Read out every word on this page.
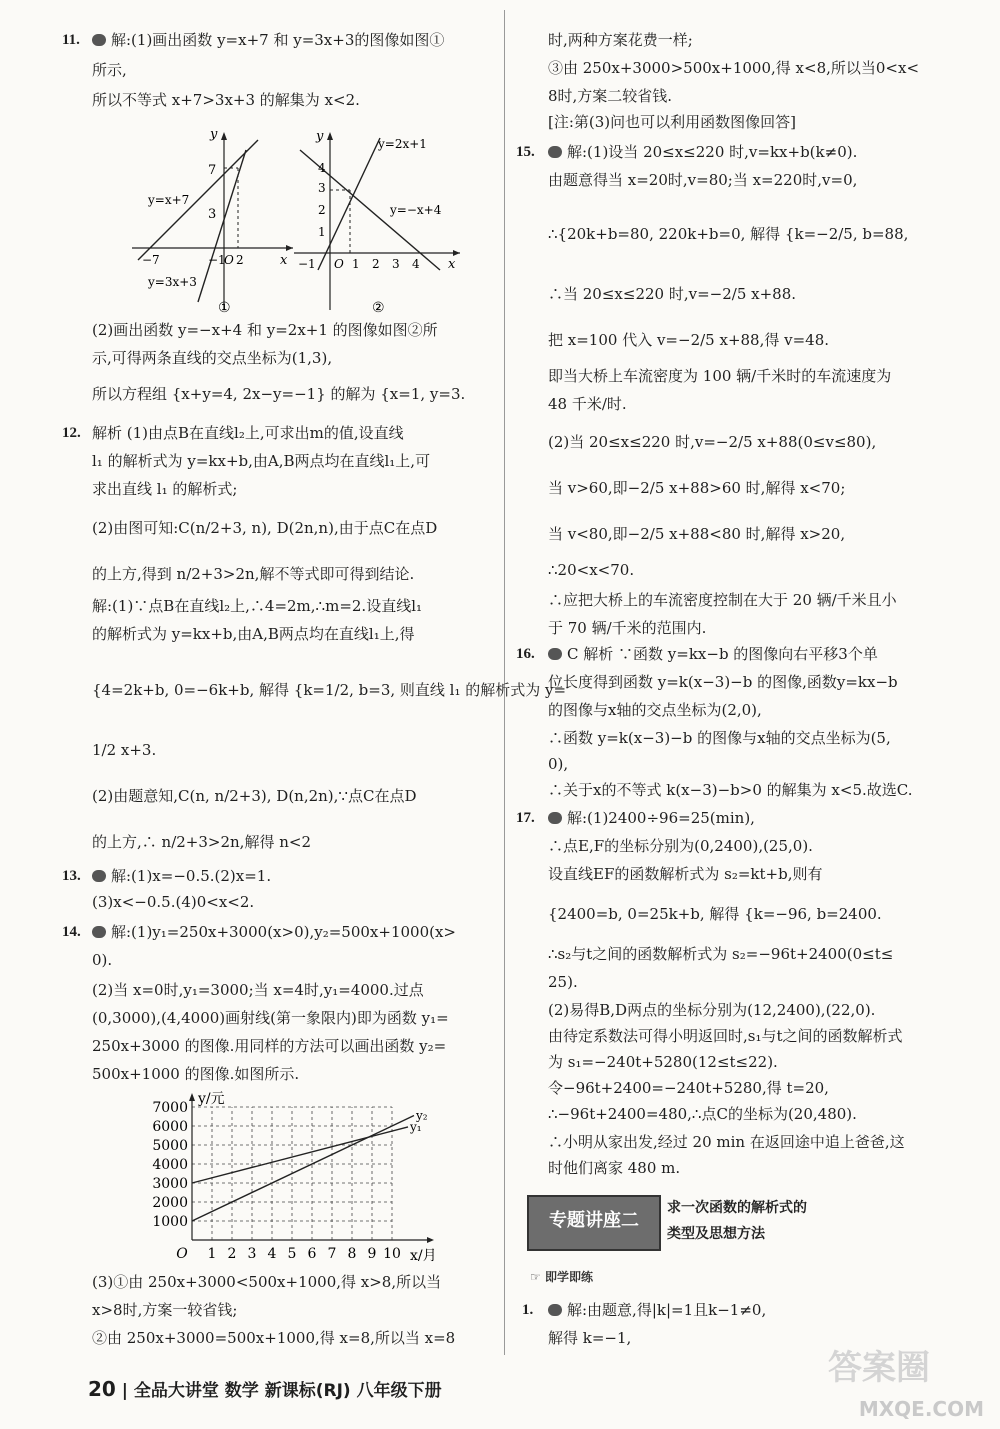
11.	解:(1)画出函数 y=x+7 和 y=3x+3的图像如图①
所示,
所以不等式 x+7>3x+3 的解集为 x<2.
(2)画出函数 y=−x+4 和 y=2x+1 的图像如图②所
示,可得两条直线的交点坐标为(1,3),
所以方程组 {x+y=4, 2x−y=−1} 的解为 {x=1, y=3.
12. 解析 (1)由点B在直线l₂上,可求出m的值,设直线
l₁ 的解析式为 y=kx+b,由A,B两点均在直线l₁上,可
求出直线 l₁ 的解析式;
(2)由图可知:C(n/2+3, n), D(2n,n),由于点C在点D
的上方,得到 n/2+3>2n,解不等式即可得到结论.
解:(1)∵点B在直线l₂上,∴4=2m,∴m=2.设直线l₁
的解析式为 y=kx+b,由A,B两点均在直线l₁上,得
{4=2k+b, 0=−6k+b, 解得 {k=1/2, b=3, 则直线 l₁ 的解析式为 y=
1/2 x+3.
(2)由题意知,C(n, n/2+3), D(n,2n),∵点C在点D
的上方,∴ n/2+3>2n,解得 n<2
13.	解:(1)x=−0.5.(2)x=1.
(3)x<−0.5.(4)0<x<2.
14.	解:(1)y₁=250x+3000(x>0),y₂=500x+1000(x>
0).
(2)当 x=0时,y₁=3000;当 x=4时,y₁=4000.过点
(0,3000),(4,4000)画射线(第一象限内)即为函数 y₁=
250x+3000 的图像.用同样的方法可以画出函数 y₂=
500x+1000 的图像.如图所示.
(3)①由 250x+3000<500x+1000,得 x>8,所以当
x>8时,方案一较省钱;
②由 250x+3000=500x+1000,得 x=8,所以当 x=8
时,两种方案花费一样;
③由 250x+3000>500x+1000,得 x<8,所以当0<x<
8时,方案二较省钱.
[注:第(3)问也可以利用函数图像回答]
15.	解:(1)设当 20≤x≤220 时,v=kx+b(k≠0).
由题意得当 x=20时,v=80;当 x=220时,v=0,
∴{20k+b=80, 220k+b=0, 解得 {k=−2/5, b=88,
∴当 20≤x≤220 时,v=−2/5 x+88.
把 x=100 代入 v=−2/5 x+88,得 v=48.
即当大桥上车流密度为 100 辆/千米时的车流速度为
48 千米/时.
(2)当 20≤x≤220 时,v=−2/5 x+88(0≤v≤80),
当 v>60,即−2/5 x+88>60 时,解得 x<70;
当 v<80,即−2/5 x+88<80 时,解得 x>20,
∴20<x<70.
∴应把大桥上的车流密度控制在大于 20 辆/千米且小
于 70 辆/千米的范围内.
16.	C 解析 ∵函数 y=kx−b 的图像向右平移3个单
位长度得到函数 y=k(x−3)−b 的图像,函数y=kx−b
的图像与x轴的交点坐标为(2,0),
∴函数 y=k(x−3)−b 的图像与x轴的交点坐标为(5,
0),
∴关于x的不等式 k(x−3)−b>0 的解集为 x<5.故选C.
17.	解:(1)2400÷96=25(min),
∴点E,F的坐标分别为(0,2400),(25,0).
设直线EF的函数解析式为 s₂=kt+b,则有
{2400=b, 0=25k+b, 解得 {k=−96, b=2400.
∴s₂与t之间的函数解析式为 s₂=−96t+2400(0≤t≤
25).
(2)易得B,D两点的坐标分别为(12,2400),(22,0).
由待定系数法可得小明返回时,s₁与t之间的函数解析式
为 s₁=−240t+5280(12≤t≤22).
令−96t+2400=−240t+5280,得 t=20,
∴−96t+2400=480,∴点C的坐标为(20,480).
∴小明从家出发,经过 20 min 在返回途中追上爸爸,这
时他们离家 480 m.
1.	解:由题意,得|k|=1且k−1≠0,
解得 k=−1,
y
7
3
y=x+7
−7	−1
O 2	x
y=3x+3
①
y
4
3
2
1
y=2x+1
y=−x+4
−1 O 1 2 3 4 x
②
1000
2000
3000
4000
5000
6000
7000
O 1 2 3 4 5 6 7 8 9 10
y/元
x/月
y₁
y₂
专题讲座二
求一次函数的解析式的
类型及思想方法
☞ 即学即练
20 | 全品大讲堂 数学 新课标(RJ) 八年级下册
答案圈
MXQE.COM
